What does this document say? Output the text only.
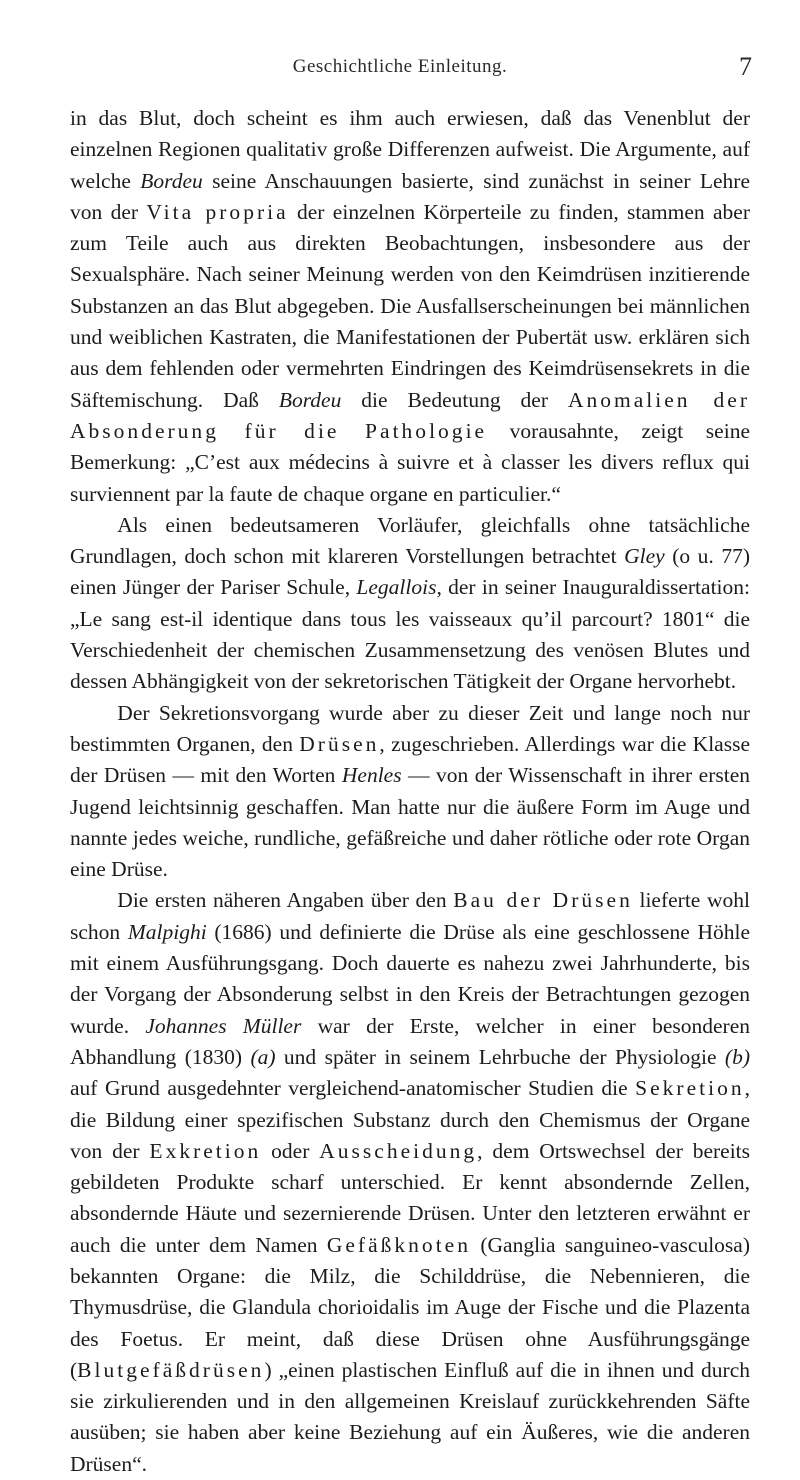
Geschichtliche Einleitung.	7

in das Blut, doch scheint es ihm auch erwiesen, daß das Venenblut der einzelnen Regionen qualitativ große Differenzen aufweist. Die Argumente, auf welche Bordeu seine Anschauungen basierte, sind zunächst in seiner Lehre von der Vita propria der einzelnen Körperteile zu finden, stammen aber zum Teile auch aus direkten Beobachtungen, insbesondere aus der Sexualsphäre. Nach seiner Meinung werden von den Keimdrüsen inzitierende Substanzen an das Blut abgegeben. Die Ausfallserscheinungen bei männlichen und weiblichen Kastraten, die Manifestationen der Pubertät usw. erklären sich aus dem fehlenden oder vermehrten Eindringen des Keimdrüsensekrets in die Säftemischung. Daß Bordeu die Bedeutung der Anomalien der Absonderung für die Pathologie vorausahnte, zeigt seine Bemerkung: „C’est aux médecins à suivre et à classer les divers reflux qui surviennent par la faute de chaque organe en particulier.“

Als einen bedeutsameren Vorläufer, gleichfalls ohne tatsächliche Grundlagen, doch schon mit klareren Vorstellungen betrachtet Gley (o u. 77) einen Jünger der Pariser Schule, Legallois, der in seiner Inauguraldissertation: „Le sang est-il identique dans tous les vaisseaux qu’il parcourt? 1801“ die Verschiedenheit der chemischen Zusammensetzung des venösen Blutes und dessen Abhängigkeit von der sekretorischen Tätigkeit der Organe hervorhebt.

Der Sekretionsvorgang wurde aber zu dieser Zeit und lange noch nur bestimmten Organen, den Drüsen, zugeschrieben. Allerdings war die Klasse der Drüsen — mit den Worten Henles — von der Wissenschaft in ihrer ersten Jugend leichtsinnig geschaffen. Man hatte nur die äußere Form im Auge und nannte jedes weiche, rundliche, gefäßreiche und daher rötliche oder rote Organ eine Drüse.

Die ersten näheren Angaben über den Bau der Drüsen lieferte wohl schon Malpighi (1686) und definierte die Drüse als eine geschlossene Höhle mit einem Ausführungsgang. Doch dauerte es nahezu zwei Jahrhunderte, bis der Vorgang der Absonderung selbst in den Kreis der Betrachtungen gezogen wurde. Johannes Müller war der Erste, welcher in einer besonderen Abhandlung (1830) (a) und später in seinem Lehrbuche der Physiologie (b) auf Grund ausgedehnter vergleichend-anatomischer Studien die Sekretion, die Bildung einer spezifischen Substanz durch den Chemismus der Organe von der Exkretion oder Ausscheidung, dem Ortswechsel der bereits gebildeten Produkte scharf unterschied. Er kennt absondernde Zellen, absondernde Häute und sezernierende Drüsen. Unter den letzteren erwähnt er auch die unter dem Namen Gefäßknoten (Ganglia sanguineo-vasculosa) bekannten Organe: die Milz, die Schilddrüse, die Nebennieren, die Thymusdrüse, die Glandula chorioidalis im Auge der Fische und die Plazenta des Foetus. Er meint, daß diese Drüsen ohne Ausführungsgänge (Blutgefäßdrüsen) „einen plastischen Einfluß auf die in ihnen und durch sie zirkulierenden und in den allgemeinen Kreislauf zurückkehrenden Säfte ausüben; sie haben aber keine Beziehung auf ein Äußeres, wie die anderen Drüsen“.
